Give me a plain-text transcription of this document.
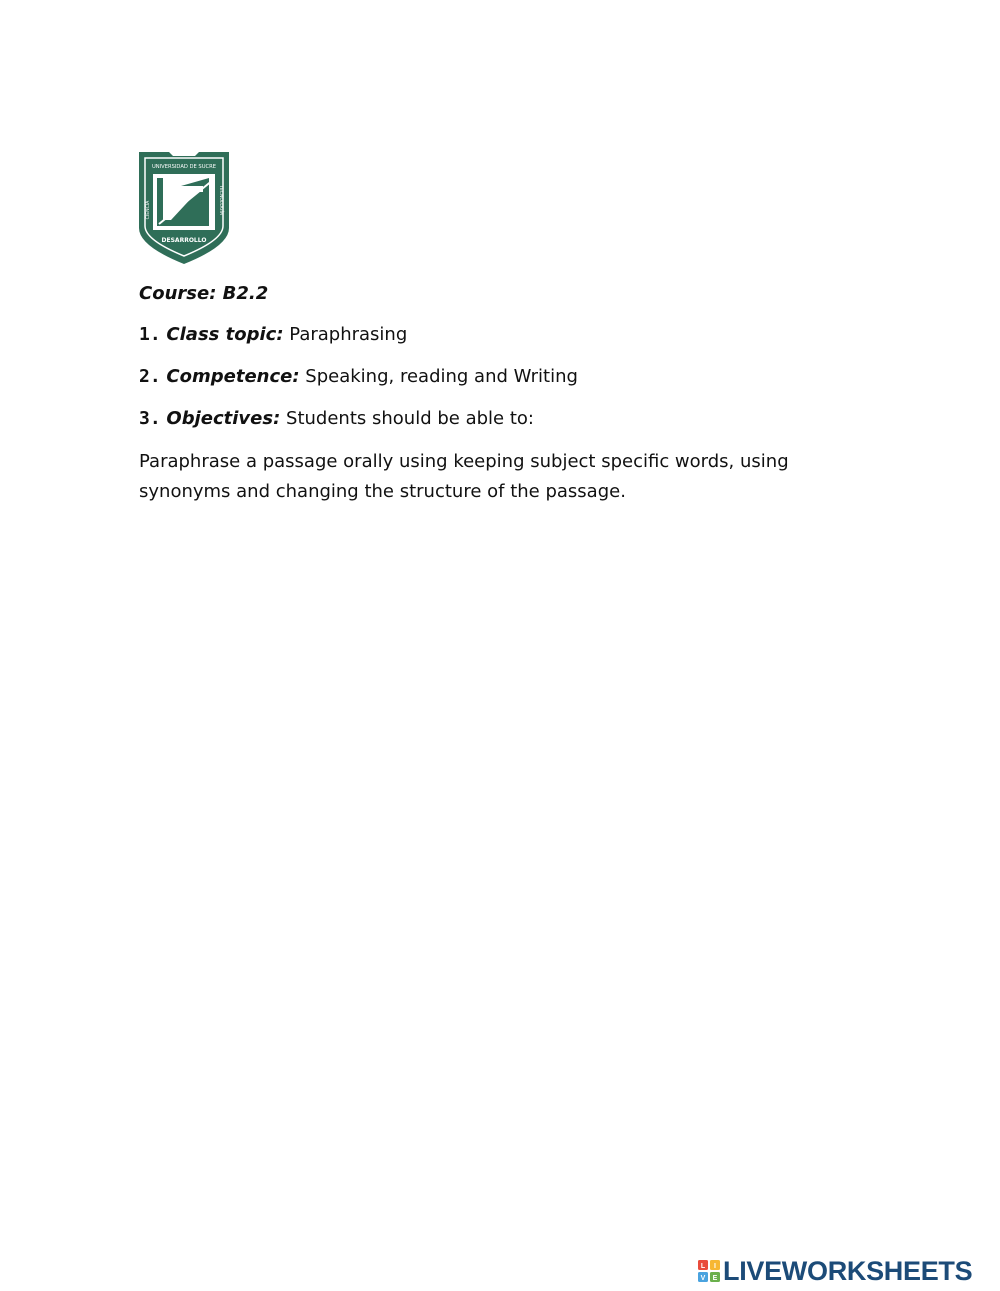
UNIVERSIDAD DE SUCRE
DESARROLLO
CIENCIA	TECNOLOGÍA
Course: B2.2
1. Class topic: Paraphrasing
2. Competence: Speaking, reading and Writing
3. Objectives: Students should be able to:
Paraphrase a passage orally using keeping subject specific words, using synonyms and changing the structure of the passage.
L I
V E LIVEWORKSHEETS
